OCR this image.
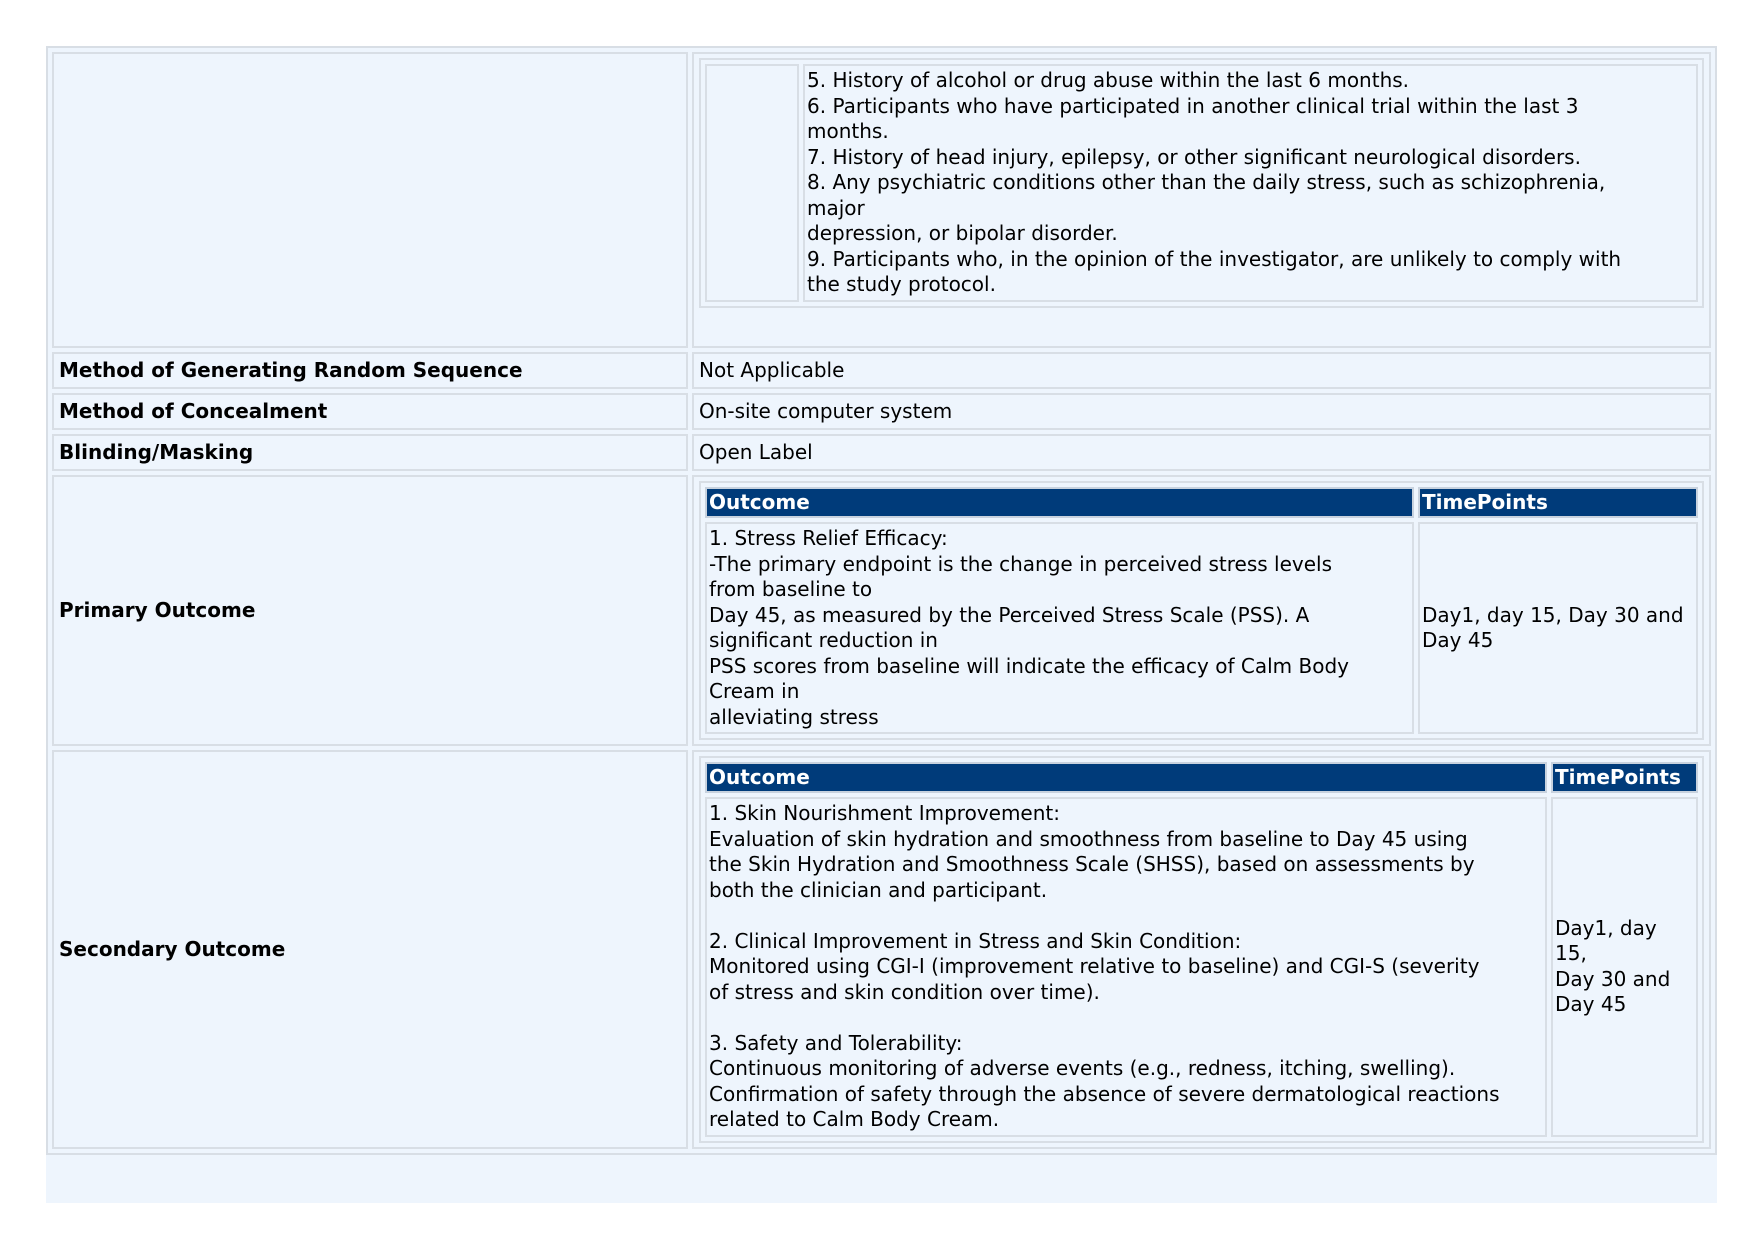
5. History of alcohol or drug abuse within the last 6 months.
6. Participants who have participated in another clinical trial within the last 3
months.
7. History of head injury, epilepsy, or other significant neurological disorders.
8. Any psychiatric conditions other than the daily stress, such as schizophrenia,
major
depression, or bipolar disorder.
9. Participants who, in the opinion of the investigator, are unlikely to comply with
the study protocol.

Method of Generating Random Sequence	Not Applicable
Method of Concealment	On-site computer system
Blinding/Masking	Open Label
Primary Outcome	
Outcome	TimePoints
1. Stress Relief Efficacy:
-The primary endpoint is the change in perceived stress levels
from baseline to
Day 45, as measured by the Perceived Stress Scale (PSS). A
significant reduction in
PSS scores from baseline will indicate the efficacy of Calm Body
Cream in
alleviating stress	Day1, day 15, Day 30 and
Day 45

Secondary Outcome	
Outcome	TimePoints
1. Skin Nourishment Improvement:
Evaluation of skin hydration and smoothness from baseline to Day 45 using
the Skin Hydration and Smoothness Scale (SHSS), based on assessments by
both the clinician and participant.

2. Clinical Improvement in Stress and Skin Condition:
Monitored using CGI-I (improvement relative to baseline) and CGI-S (severity
of stress and skin condition over time).

3. Safety and Tolerability:
Continuous monitoring of adverse events (e.g., redness, itching, swelling).
Confirmation of safety through the absence of severe dermatological reactions
related to Calm Body Cream.	Day1, day 15,
Day 30 and
Day 45
